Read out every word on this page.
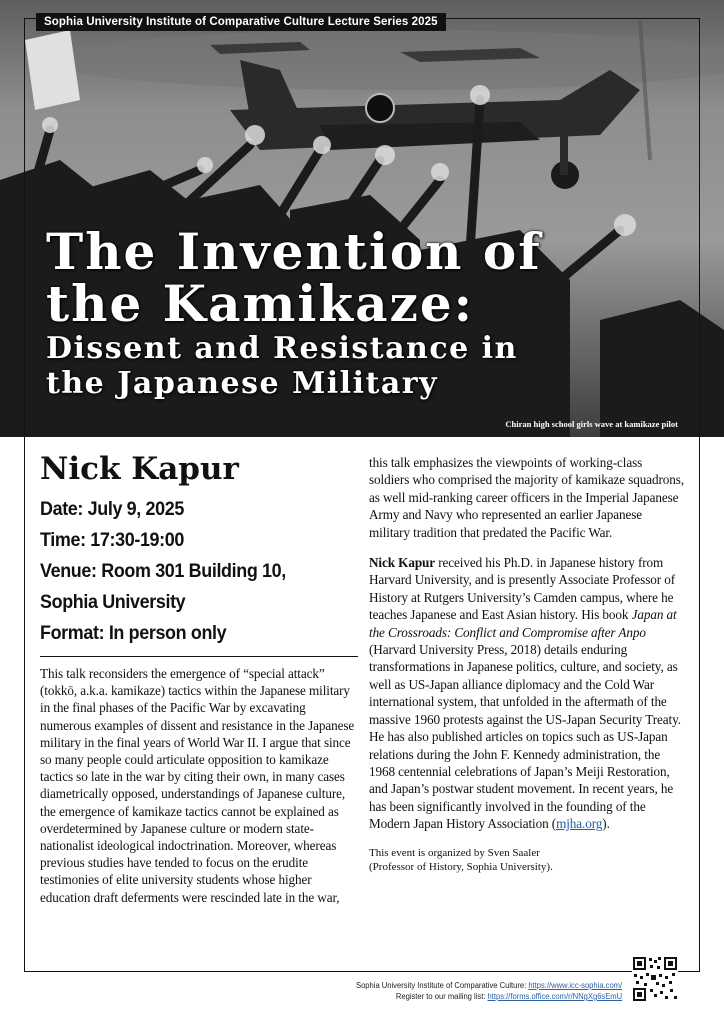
Sophia University Institute of Comparative Culture Lecture Series 2025
The Invention of
the Kamikaze:
Dissent and Resistance in
the Japanese Military
Chiran high school girls wave at kamikaze pilot
Nick Kapur
Date: July 9, 2025
Time: 17:30-19:00
Venue: Room 301 Building 10,
Sophia University
Format: In person only

This talk reconsiders the emergence of “special attack” (tokkō, a.k.a. kamikaze) tactics within the Japanese military in the final phases of the Pacific War by excavating numerous examples of dissent and resistance in the Japanese military in the final years of World War II. I argue that since so many people could articulate opposition to kamikaze tactics so late in the war by citing their own, in many cases diametrically opposed, understandings of Japanese culture, the emergence of kamikaze tactics cannot be explained as overdetermined by Japanese culture or modern state-nationalist ideological indoctrination. Moreover, whereas previous studies have tended to focus on the erudite testimonies of elite university students whose higher education draft deferments were rescinded late in the war,

this talk emphasizes the viewpoints of working-class soldiers who comprised the majority of kamikaze squadrons, as well mid-ranking career officers in the Imperial Japanese Army and Navy who represented an earlier Japanese military tradition that predated the Pacific War.

Nick Kapur received his Ph.D. in Japanese history from Harvard University, and is presently Associate Professor of History at Rutgers University’s Camden campus, where he teaches Japanese and East Asian history. His book Japan at the Crossroads: Conflict and Compromise after Anpo (Harvard University Press, 2018) details enduring transformations in Japanese politics, culture, and society, as well as US-Japan alliance diplomacy and the Cold War international system, that unfolded in the aftermath of the massive 1960 protests against the US-Japan Security Treaty. He has also published articles on topics such as US-Japan relations during the John F. Kennedy administration, the 1968 centennial celebrations of Japan’s Meiji Restoration, and Japan’s postwar student movement. In recent years, he has been significantly involved in the founding of the Modern Japan History Association (mjha.org).

This event is organized by Sven Saaler
(Professor of History, Sophia University).
Sophia University Institute of Comparative Culture: https://www.icc-sophia.com/
Register to our mailing list: https://forms.office.com/r/NNgXg6sEmU
